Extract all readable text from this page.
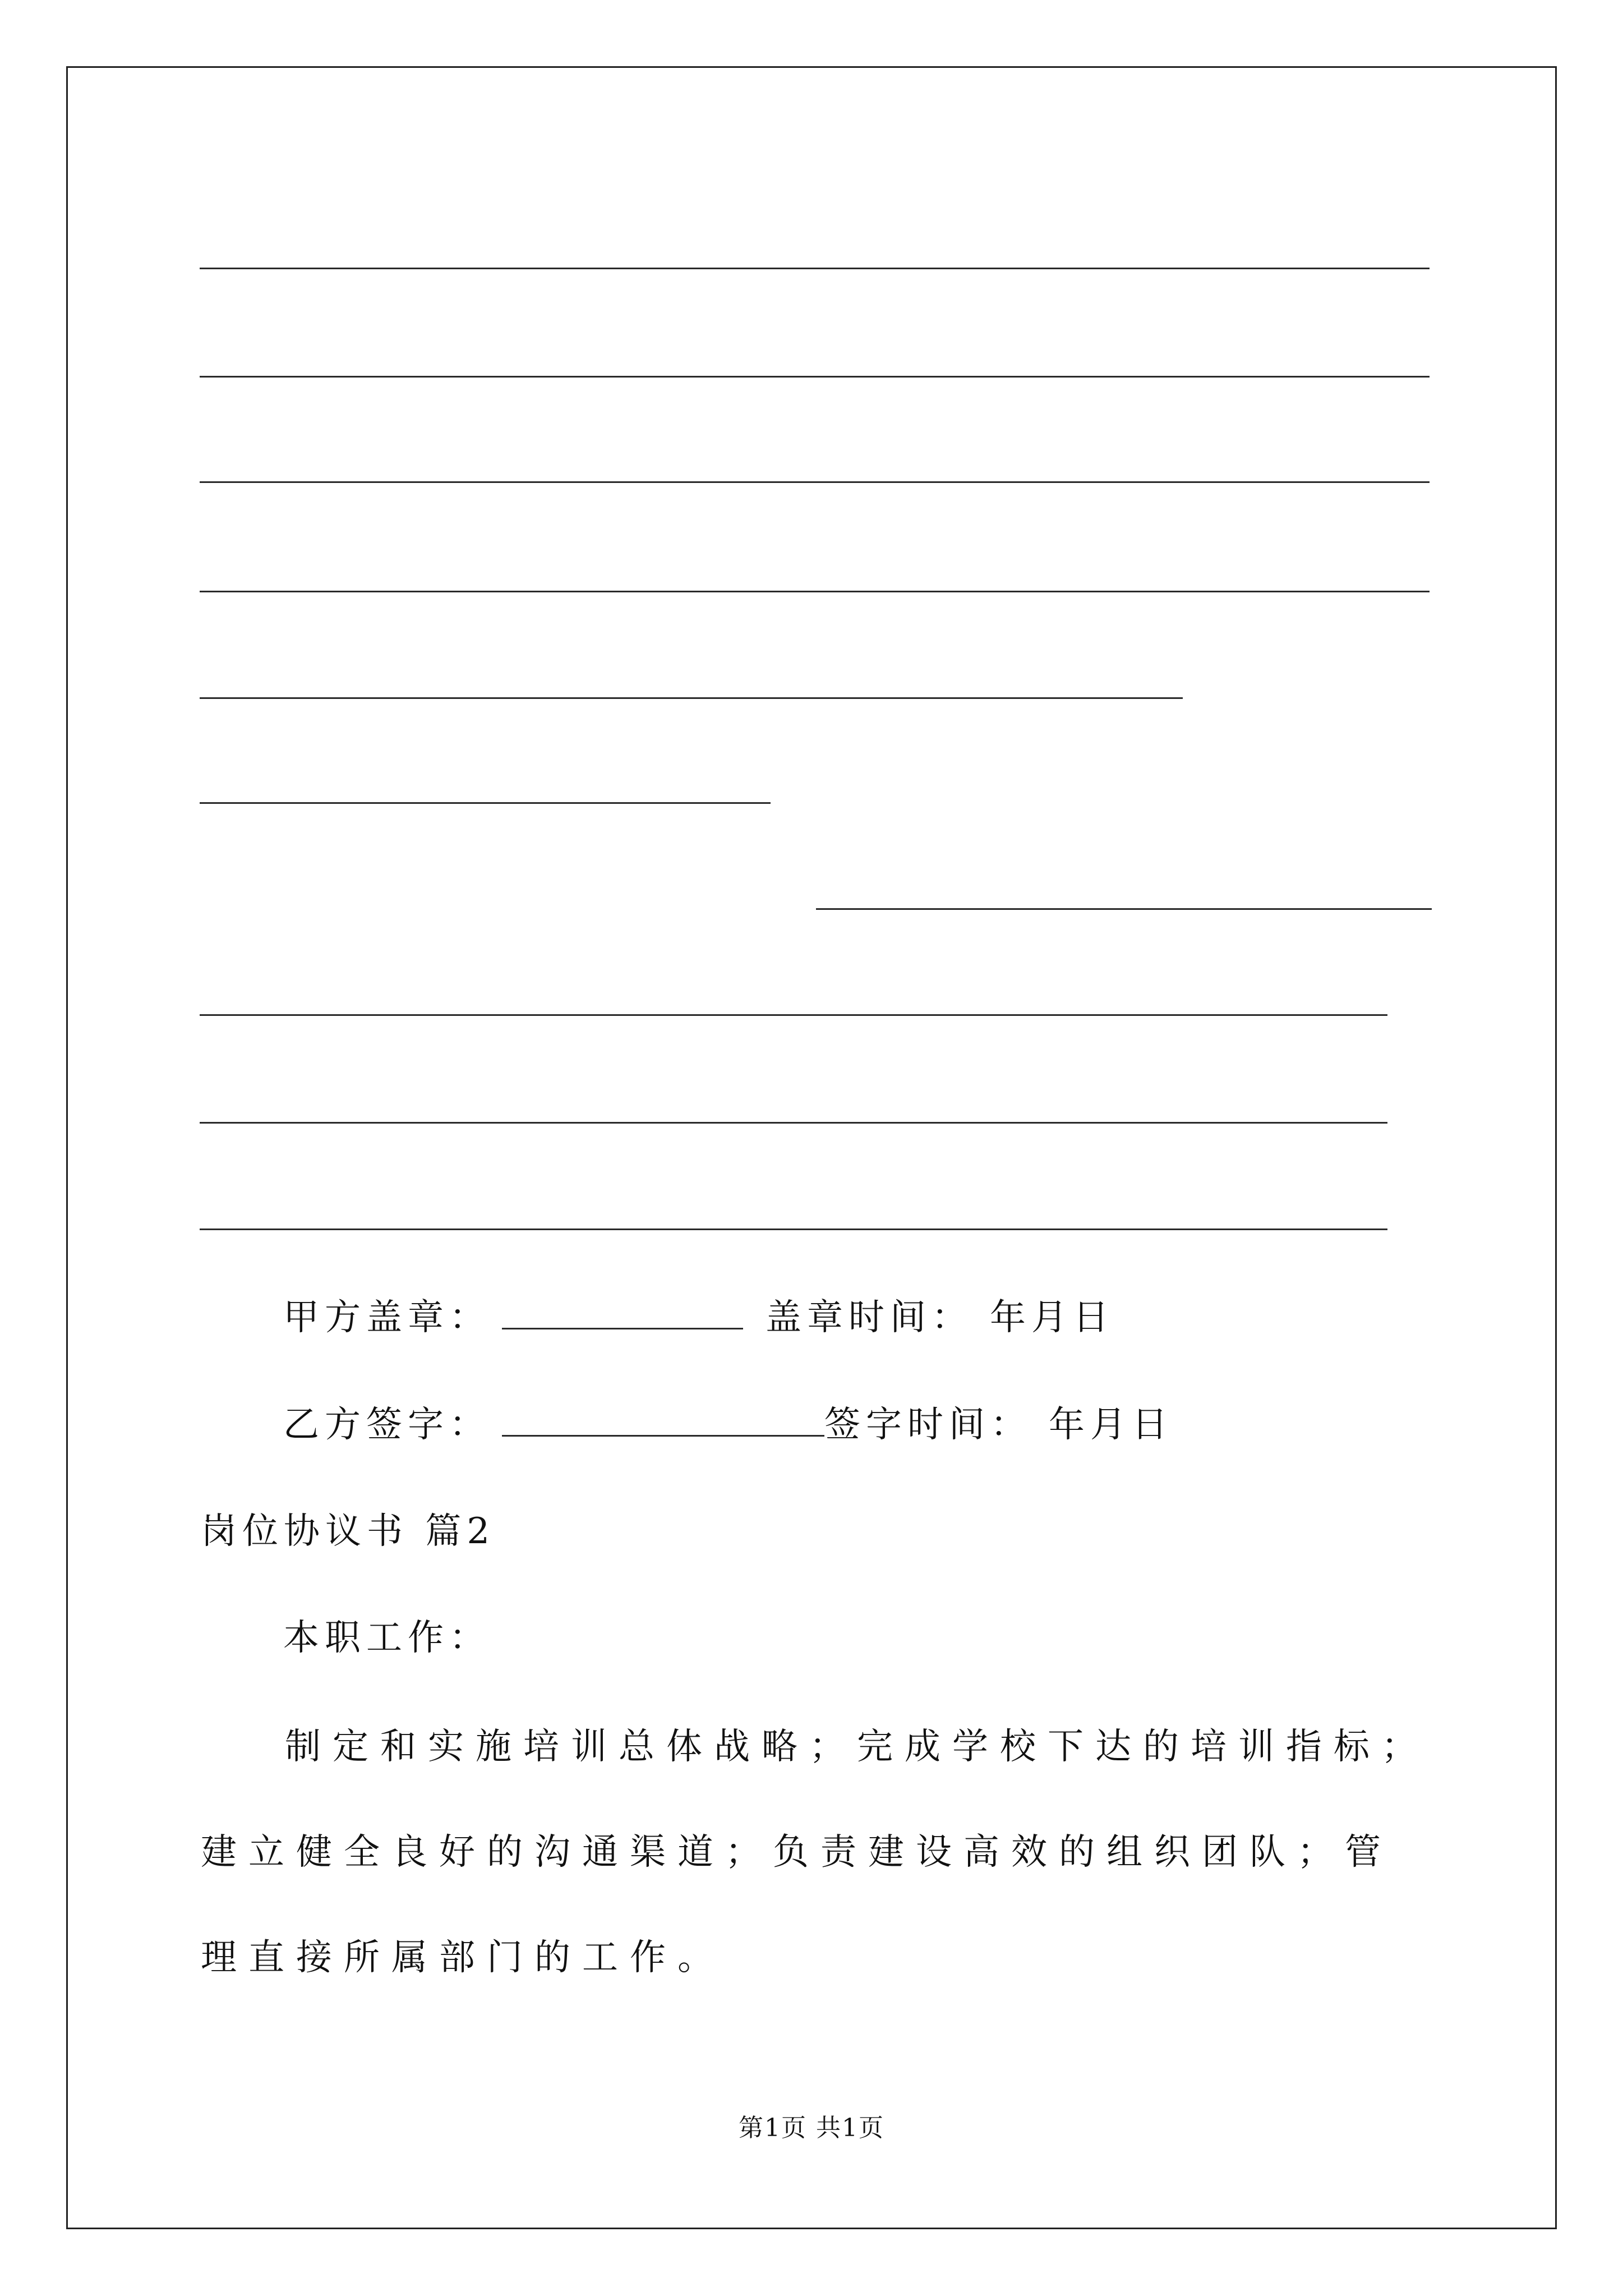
甲方盖章：	盖章时间： 年月日
乙方签字：	签字时间： 年月日
岗位协议书 篇2
本职工作：

制定和实施培训总体战略；完成学校下达的培训指标；建立健全良好的沟通渠道；负责建设高效的组织团队；管理直接所属部门的工作。

第1页 共1页
